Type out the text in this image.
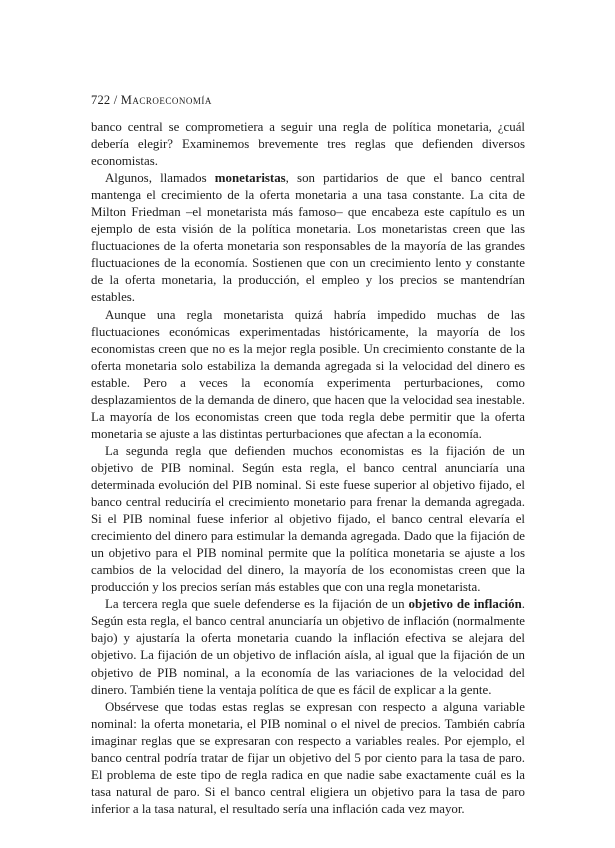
722 / Macroeconomía

banco central se comprometiera a seguir una regla de política monetaria, ¿cuál debería elegir? Examinemos brevemente tres reglas que defienden diversos economistas.

Algunos, llamados monetaristas, son partidarios de que el banco central mantenga el crecimiento de la oferta monetaria a una tasa constante. La cita de Milton Friedman –el monetarista más famoso– que encabeza este capítulo es un ejemplo de esta visión de la política monetaria. Los monetaristas creen que las fluctuaciones de la oferta monetaria son responsables de la mayoría de las grandes fluctuaciones de la economía. Sostienen que con un crecimiento lento y constante de la oferta monetaria, la producción, el empleo y los precios se mantendrían estables.

Aunque una regla monetarista quizá habría impedido muchas de las fluctuaciones económicas experimentadas históricamente, la mayoría de los economistas creen que no es la mejor regla posible. Un crecimiento constante de la oferta monetaria solo estabiliza la demanda agregada si la velocidad del dinero es estable. Pero a veces la economía experimenta perturbaciones, como desplazamientos de la demanda de dinero, que hacen que la velocidad sea inestable. La mayoría de los economistas creen que toda regla debe permitir que la oferta monetaria se ajuste a las distintas perturbaciones que afectan a la economía.

La segunda regla que defienden muchos economistas es la fijación de un objetivo de PIB nominal. Según esta regla, el banco central anunciaría una determinada evolución del PIB nominal. Si este fuese superior al objetivo fijado, el banco central reduciría el crecimiento monetario para frenar la demanda agregada. Si el PIB nominal fuese inferior al objetivo fijado, el banco central elevaría el crecimiento del dinero para estimular la demanda agregada. Dado que la fijación de un objetivo para el PIB nominal permite que la política monetaria se ajuste a los cambios de la velocidad del dinero, la mayoría de los economistas creen que la producción y los precios serían más estables que con una regla monetarista.

La tercera regla que suele defenderse es la fijación de un objetivo de inflación. Según esta regla, el banco central anunciaría un objetivo de inflación (normalmente bajo) y ajustaría la oferta monetaria cuando la inflación efectiva se alejara del objetivo. La fijación de un objetivo de inflación aísla, al igual que la fijación de un objetivo de PIB nominal, a la economía de las variaciones de la velocidad del dinero. También tiene la ventaja política de que es fácil de explicar a la gente.

Obsérvese que todas estas reglas se expresan con respecto a alguna variable nominal: la oferta monetaria, el PIB nominal o el nivel de precios. También cabría imaginar reglas que se expresaran con respecto a variables reales. Por ejemplo, el banco central podría tratar de fijar un objetivo del 5 por ciento para la tasa de paro. El problema de este tipo de regla radica en que nadie sabe exactamente cuál es la tasa natural de paro. Si el banco central eligiera un objetivo para la tasa de paro inferior a la tasa natural, el resultado sería una inflación cada vez mayor.
